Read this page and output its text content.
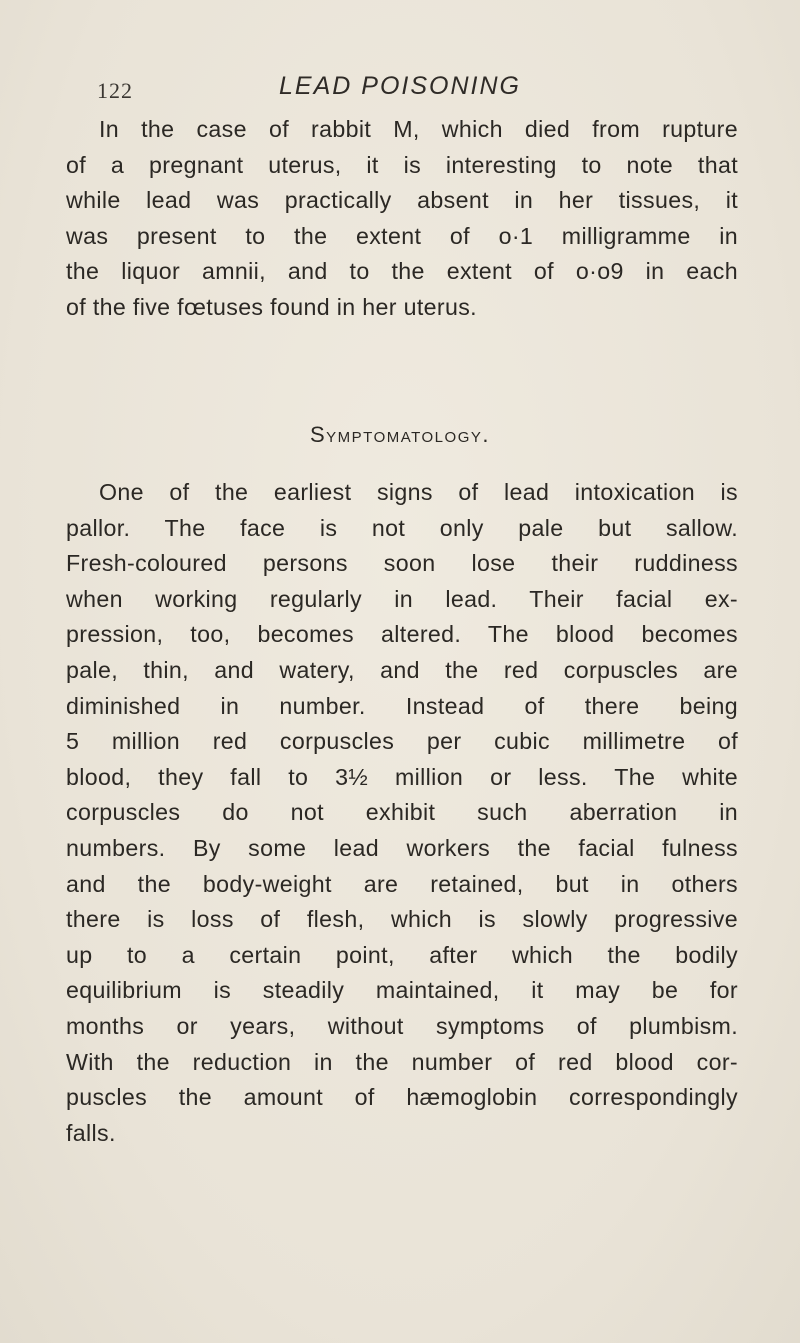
122	LEAD POISONING

In the case of rabbit M, which died from rupture
of a pregnant uterus, it is interesting to note that
while lead was practically absent in her tissues, it
was present to the extent of o·1 milligramme in
the liquor amnii, and to the extent of o·o9 in each
of the five fœtuses found in her uterus.

Symptomatology.

One of the earliest signs of lead intoxication is
pallor. The face is not only pale but sallow.
Fresh-coloured persons soon lose their ruddiness
when working regularly in lead. Their facial ex-
pression, too, becomes altered. The blood becomes
pale, thin, and watery, and the red corpuscles are
diminished in number. Instead of there being
5 million red corpuscles per cubic millimetre of
blood, they fall to 3½ million or less. The white
corpuscles do not exhibit such aberration in
numbers. By some lead workers the facial fulness
and the body-weight are retained, but in others
there is loss of flesh, which is slowly progressive
up to a certain point, after which the bodily
equilibrium is steadily maintained, it may be for
months or years, without symptoms of plumbism.
With the reduction in the number of red blood cor-
puscles the amount of hæmoglobin correspondingly
falls.
